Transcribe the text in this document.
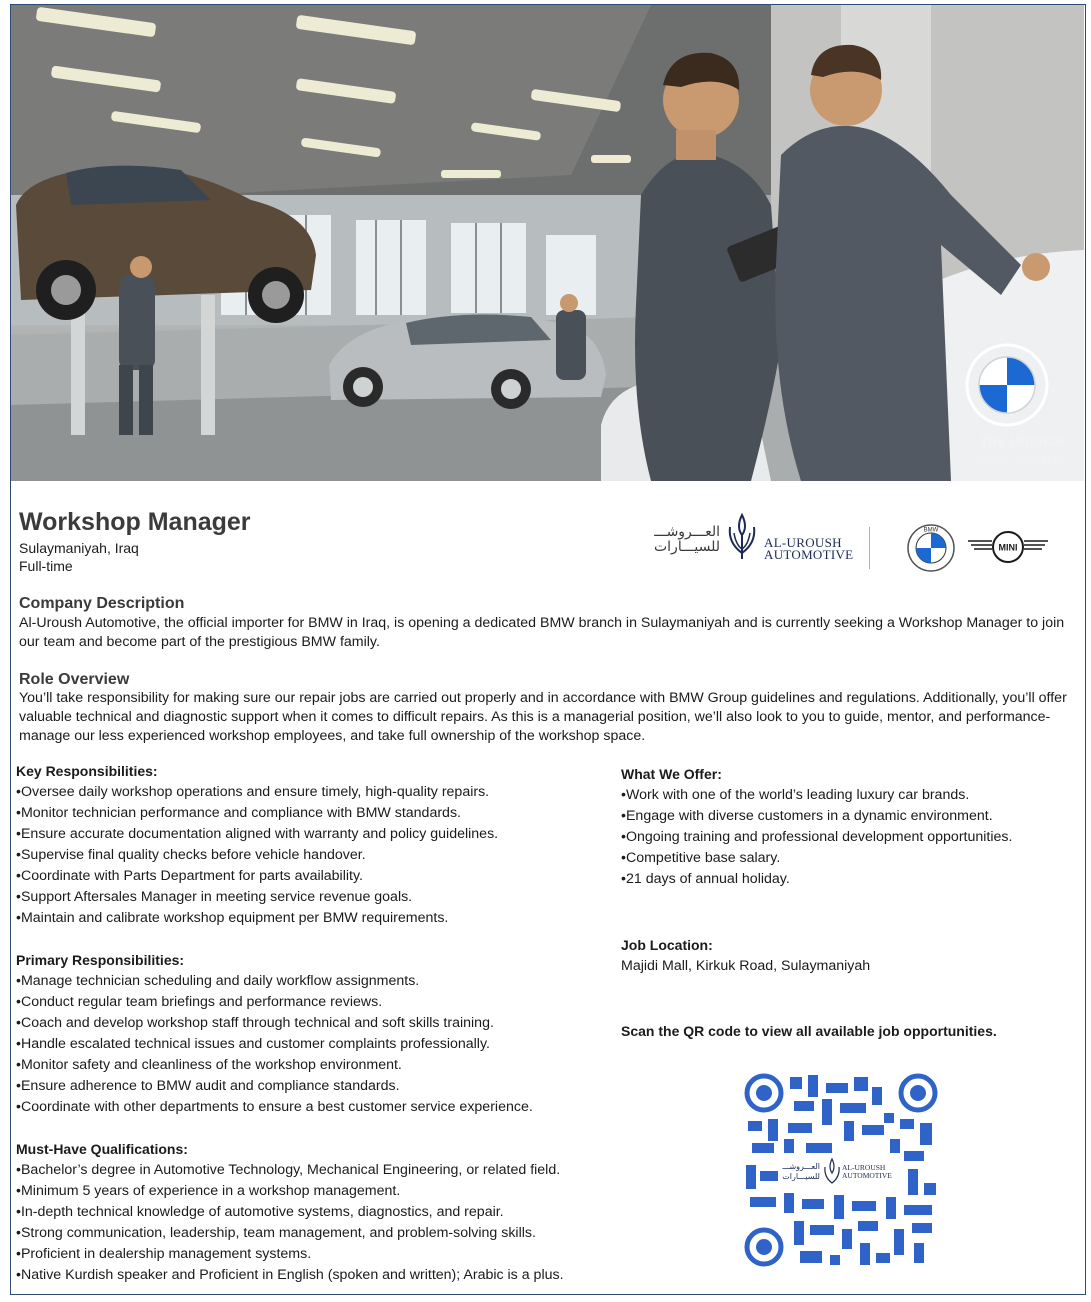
The Ultimate
Driving Machine
Workshop Manager
Sulaymaniyah, Iraq
Full-time
العـــروشـــ
للسيـــارات	AL-UROUSH
AUTOMOTIVE
BMW
MINI
Company Description
Al-Uroush Automotive, the official importer for BMW in Iraq, is opening a dedicated BMW branch in Sulaymaniyah and is currently seeking a Workshop Manager to join our team and become part of the prestigious BMW family.
Role Overview
You’ll take responsibility for making sure our repair jobs are carried out properly and in accordance with BMW Group guidelines and regulations. Additionally, you’ll offer valuable technical and diagnostic support when it comes to difficult repairs. As this is a managerial position, we’ll also look to you to guide, mentor, and performance-manage our less experienced workshop employees, and take full ownership of the workshop space.
Key Responsibilities:
• Oversee daily workshop operations and ensure timely, high-quality repairs.
• Monitor technician performance and compliance with BMW standards.
• Ensure accurate documentation aligned with warranty and policy guidelines.
• Supervise final quality checks before vehicle handover.
• Coordinate with Parts Department for parts availability.
• Support Aftersales Manager in meeting service revenue goals.
• Maintain and calibrate workshop equipment per BMW requirements.
Primary Responsibilities:
• Manage technician scheduling and daily workflow assignments.
• Conduct regular team briefings and performance reviews.
• Coach and develop workshop staff through technical and soft skills training.
• Handle escalated technical issues and customer complaints professionally.
• Monitor safety and cleanliness of the workshop environment.
• Ensure adherence to BMW audit and compliance standards.
• Coordinate with other departments to ensure a best customer service experience.
Must-Have Qualifications:
• Bachelor’s degree in Automotive Technology, Mechanical Engineering, or related field.
• Minimum 5 years of experience in a workshop management.
• In-depth technical knowledge of automotive systems, diagnostics, and repair.
• Strong communication, leadership, team management, and problem-solving skills.
• Proficient in dealership management systems.
• Native Kurdish speaker and Proficient in English (spoken and written); Arabic is a plus.
What We Offer:
• Work with one of the world’s leading luxury car brands.
• Engage with diverse customers in a dynamic environment.
• Ongoing training and professional development opportunities.
• Competitive base salary.
• 21 days of annual holiday.
Job Location:
Majidi Mall, Kirkuk Road, Sulaymaniyah
Scan the QR code to view all available job opportunities.
العـــروشـــ
للسيـــارات
AL-UROUSH
AUTOMOTIVE
